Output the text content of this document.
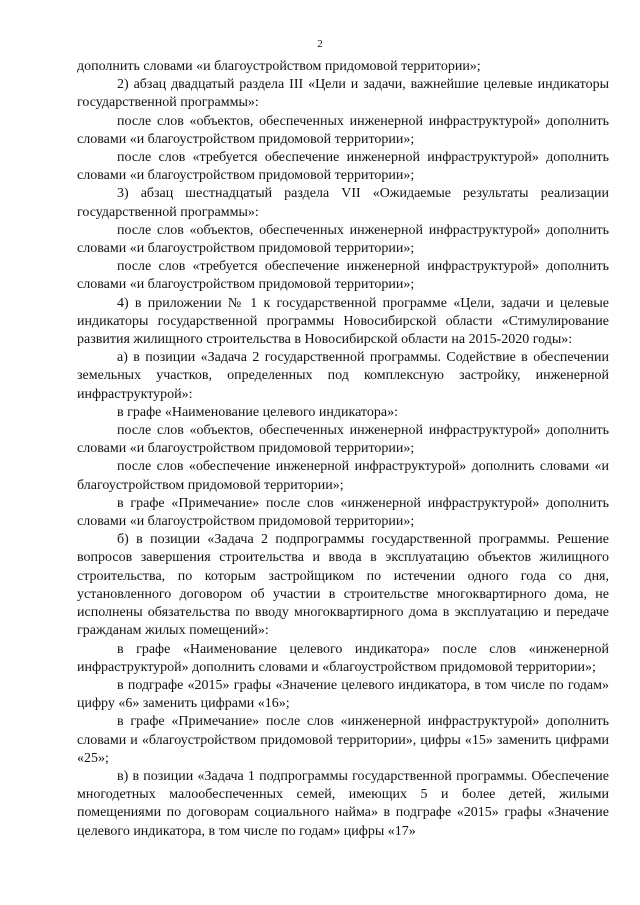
2

дополнить словами «и благоустройством придомовой территории»;

2) абзац двадцатый раздела III «Цели и задачи, важнейшие целевые индикаторы государственной программы»:

после слов «объектов, обеспеченных инженерной инфраструктурой» дополнить словами «и благоустройством придомовой территории»;

после слов «требуется обеспечение инженерной инфраструктурой» дополнить словами «и благоустройством придомовой территории»;

3) абзац шестнадцатый раздела VII «Ожидаемые результаты реализации государственной программы»:

после слов «объектов, обеспеченных инженерной инфраструктурой» дополнить словами «и благоустройством придомовой территории»;

после слов «требуется обеспечение инженерной инфраструктурой» дополнить словами «и благоустройством придомовой территории»;

4) в приложении № 1 к государственной программе «Цели, задачи и целевые индикаторы государственной программы Новосибирской области «Стимулирование развития жилищного строительства в Новосибирской области на 2015-2020 годы»:

а) в позиции «Задача 2 государственной программы. Содействие в обеспечении земельных участков, определенных под комплексную застройку, инженерной инфраструктурой»:

в графе «Наименование целевого индикатора»:

после слов «объектов, обеспеченных инженерной инфраструктурой» дополнить словами «и благоустройством придомовой территории»;

после слов «обеспечение инженерной инфраструктурой» дополнить словами «и благоустройством придомовой территории»;

в графе «Примечание» после слов «инженерной инфраструктурой» дополнить словами «и благоустройством придомовой территории»;

б) в позиции «Задача 2 подпрограммы государственной программы. Решение вопросов завершения строительства и ввода в эксплуатацию объектов жилищного строительства, по которым застройщиком по истечении одного года со дня, установленного договором об участии в строительстве многоквартирного дома, не исполнены обязательства по вводу многоквартирного дома в эксплуатацию и передаче гражданам жилых помещений»:

в графе «Наименование целевого индикатора» после слов «инженерной инфраструктурой» дополнить словами и «благоустройством придомовой территории»;

в подграфе «2015» графы «Значение целевого индикатора, в том числе по годам» цифру «6» заменить цифрами «16»;

в графе «Примечание» после слов «инженерной инфраструктурой» дополнить словами и «благоустройством придомовой территории», цифры «15» заменить цифрами «25»;

в) в позиции «Задача 1 подпрограммы государственной программы. Обеспечение многодетных малообеспеченных семей, имеющих 5 и более детей, жилыми помещениями по договорам социального найма» в подграфе «2015» графы «Значение целевого индикатора, в том числе по годам» цифры «17»
